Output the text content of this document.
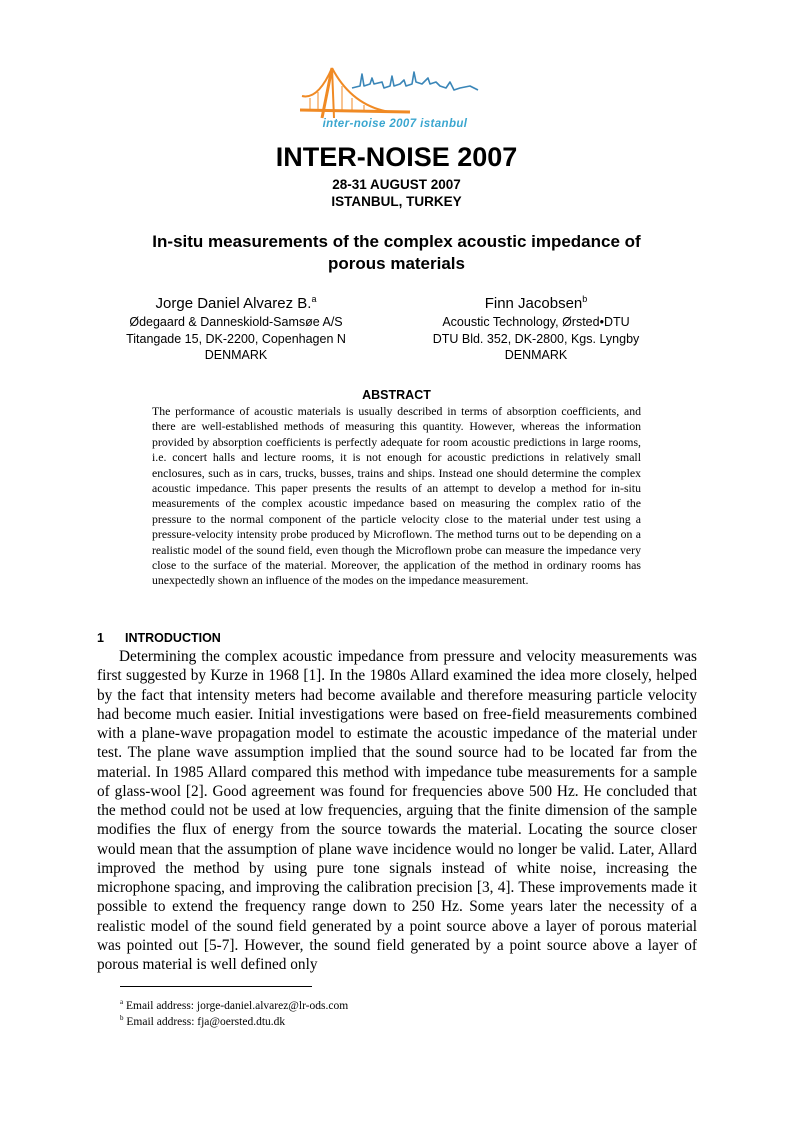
inter-noise 2007 istanbul
INTER-NOISE 2007
28-31 AUGUST 2007
ISTANBUL, TURKEY
In-situ measurements of the complex acoustic impedance of
porous materials
Jorge Daniel Alvarez B.$^a$
Ødegaard & Danneskiold-Samsøe A/S
Titangade 15, DK-2200, Copenhagen N
DENMARK
Finn Jacobsen$^b$
Acoustic Technology, Ørsted•DTU
DTU Bld. 352, DK-2800, Kgs. Lyngby
DENMARK
ABSTRACT
The performance of acoustic materials is usually described in terms of absorption coefficients, and there are well-established methods of measuring this quantity. However, whereas the information provided by absorption coefficients is perfectly adequate for room acoustic predictions in large rooms, i.e. concert halls and lecture rooms, it is not enough for acoustic predictions in relatively small enclosures, such as in cars, trucks, busses, trains and ships. Instead one should determine the complex acoustic impedance. This paper presents the results of an attempt to develop a method for in-situ measurements of the complex acoustic impedance based on measuring the complex ratio of the pressure to the normal component of the particle velocity close to the material under test using a pressure-velocity intensity probe produced by Microflown. The method turns out to be depending on a realistic model of the sound field, even though the Microflown probe can measure the impedance very close to the surface of the material. Moreover, the application of the method in ordinary rooms has unexpectedly shown an influence of the modes on the impedance measurement.
1 INTRODUCTION
Determining the complex acoustic impedance from pressure and velocity measurements was first suggested by Kurze in 1968 [1]. In the 1980s Allard examined the idea more closely, helped by the fact that intensity meters had become available and therefore measuring particle velocity had become much easier. Initial investigations were based on free-field measurements combined with a plane-wave propagation model to estimate the acoustic impedance of the material under test. The plane wave assumption implied that the sound source had to be located far from the material. In 1985 Allard compared this method with impedance tube measurements for a sample of glass-wool [2]. Good agreement was found for frequencies above 500 Hz. He concluded that the method could not be used at low frequencies, arguing that the finite dimension of the sample modifies the flux of energy from the source towards the material. Locating the source closer would mean that the assumption of plane wave incidence would no longer be valid. Later, Allard improved the method by using pure tone signals instead of white noise, increasing the microphone spacing, and improving the calibration precision [3, 4]. These improvements made it possible to extend the frequency range down to 250 Hz. Some years later the necessity of a realistic model of the sound field generated by a point source above a layer of porous material was pointed out [5-7]. However, the sound field generated by a point source above a layer of porous material is well defined only
$^a$ Email address: jorge-daniel.alvarez@lr-ods.com
$^b$ Email address: fja@oersted.dtu.dk
